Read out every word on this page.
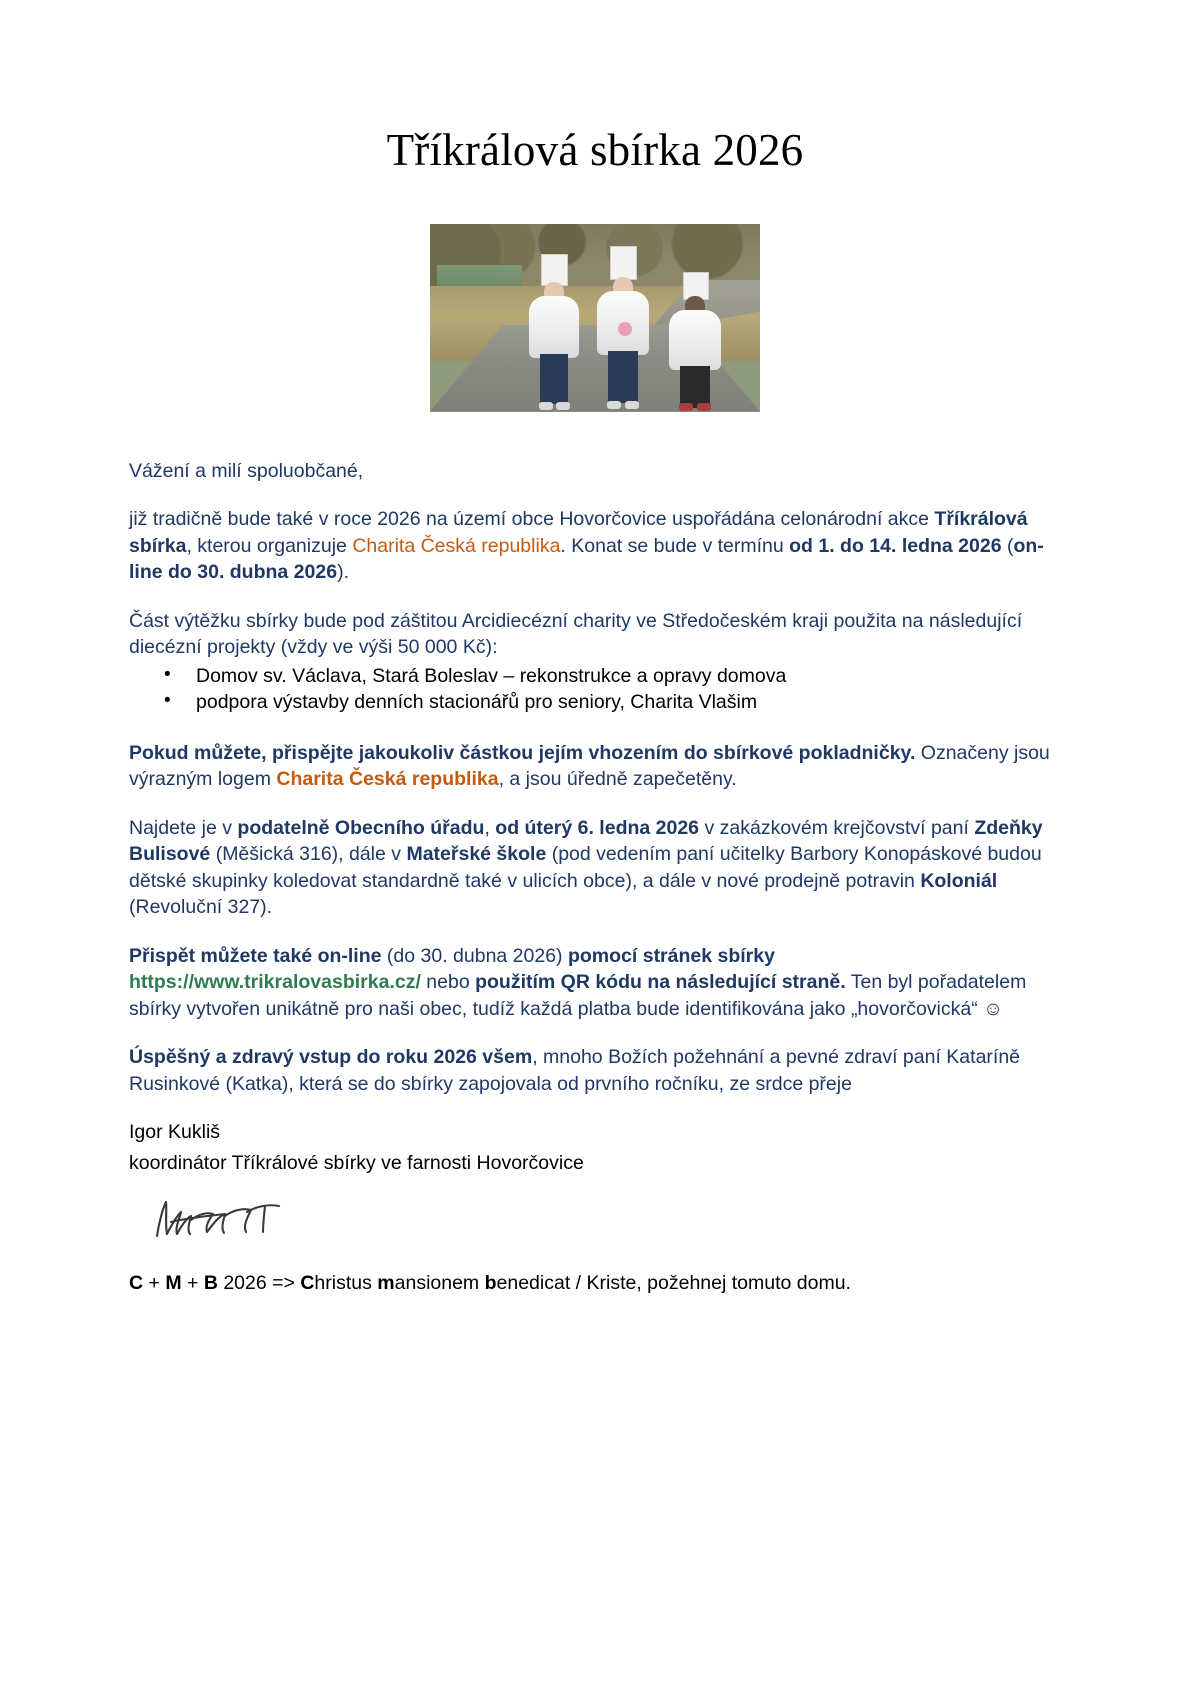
Tříkrálová sbírka 2026

Vážení a milí spoluobčané,

již tradičně bude také v roce 2026 na území obce Hovorčovice uspořádána celonárodní akce Tříkrálová sbírka, kterou organizuje Charita Česká republika. Konat se bude v termínu od 1. do 14. ledna 2026 (on-line do 30. dubna 2026).

Část výtěžku sbírky bude pod záštitou Arcidiecézní charity ve Středočeském kraji použita na následující diecézní projekty (vždy ve výši 50 000 Kč):

• Domov sv. Václava, Stará Boleslav – rekonstrukce a opravy domova
• podpora výstavby denních stacionářů pro seniory, Charita Vlašim

Pokud můžete, přispějte jakoukoliv částkou jejím vhozením do sbírkové pokladničky. Označeny jsou výrazným logem Charita Česká republika, a jsou úředně zapečetěny.

Najdete je v podatelně Obecního úřadu, od úterý 6. ledna 2026 v zakázkovém krejčovství paní Zdeňky Bulisové (Měšická 316), dále v Mateřské škole (pod vedením paní učitelky Barbory Konopáskové budou dětské skupinky koledovat standardně také v ulicích obce), a dále v nové prodejně potravin Koloniál (Revoluční 327).

Přispět můžete také on-line (do 30. dubna 2026) pomocí stránek sbírky https://www.trikralovasbirka.cz/ nebo použitím QR kódu na následující straně. Ten byl pořadatelem sbírky vytvořen unikátně pro naši obec, tudíž každá platba bude identifikována jako „hovorčovická“ ☺

Úspěšný a zdravý vstup do roku 2026 všem, mnoho Božích požehnání a pevné zdraví paní Kataríně Rusinkové (Katka), která se do sbírky zapojovala od prvního ročníku, ze srdce přeje

Igor Kukliš
koordinátor Tříkrálové sbírky ve farnosti Hovorčovice

C + M + B 2026 => Christus mansionem benedicat / Kriste, požehnej tomuto domu.
